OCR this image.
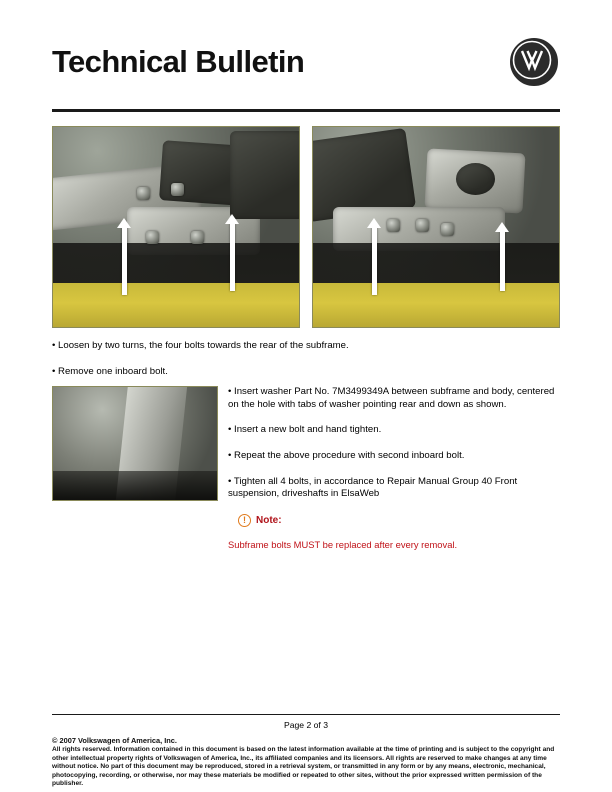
Technical Bulletin
• Loosen by two turns, the four bolts towards the rear of the subframe.
• Remove one inboard bolt.
• Insert washer Part No. 7M3499349A between subframe and body, centered on the hole with tabs of washer pointing rear and down as shown.
• Insert a new bolt and hand tighten.
• Repeat the above procedure with second inboard bolt.
• Tighten all 4 bolts, in accordance to Repair Manual Group 40 Front suspension, driveshafts in ElsaWeb
!	Note:
Subframe bolts MUST be replaced after every removal.
Page 2 of 3
© 2007 Volkswagen of America, Inc.
All rights reserved. Information contained in this document is based on the latest information available at the time of printing and is subject to the copyright and other intellectual property rights of Volkswagen of America, Inc., its affiliated companies and its licensors. All rights are reserved to make changes at any time without notice. No part of this document may be reproduced, stored in a retrieval system, or transmitted in any form or by any means, electronic, mechanical, photocopying, recording, or otherwise, nor may these materials be modified or repeated to other sites, without the prior expressed written permission of the publisher.
